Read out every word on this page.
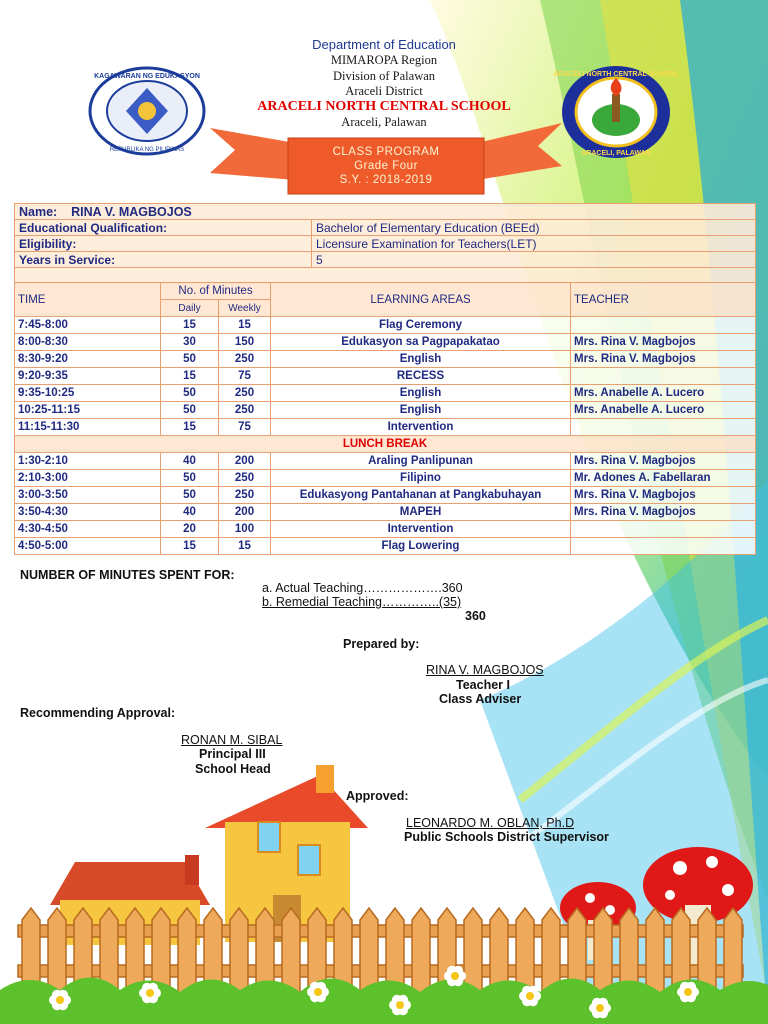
KAGAWARAN NG EDUKASYON
REPUBLIKA NG PILIPINAS
ARACELI NORTH CENTRAL SCHOOL
ARACELI, PALAWAN
Department of Education
MIMAROPA Region
Division of Palawan
Araceli District
ARACELI NORTH CENTRAL SCHOOL
Araceli, Palawan
CLASS PROGRAM
Grade Four
S.Y. : 2018-2019
Name: RINA V. MAGBOJOS	
Educational Qualification:	Bachelor of Elementary Education (BEEd)
Eligibility:	Licensure Examination for Teachers(LET)
Years in Service:	5

TIME	No. of Minutes		LEARNING AREAS	TEACHER
	Daily	Weekly		
7:45-8:00	15	15	Flag Ceremony	
8:00-8:30	30	150	Edukasyon sa Pagpapakatao	Mrs. Rina V. Magbojos
8:30-9:20	50	250	English	Mrs. Rina V. Magbojos
9:20-9:35	15	75	RECESS	
9:35-10:25	50	250	English	Mrs. Anabelle A. Lucero
10:25-11:15	50	250	English	Mrs. Anabelle A. Lucero
11:15-11:30	15	75	Intervention	
LUNCH BREAK				
1:30-2:10	40	200	Araling Panlipunan	Mrs. Rina V. Magbojos
2:10-3:00	50	250	Filipino	Mr. Adones A. Fabellaran
3:00-3:50	50	250	Edukasyong Pantahanan at Pangkabuhayan	Mrs. Rina V. Magbojos
3:50-4:30	40	200	MAPEH	Mrs. Rina V. Magbojos
4:30-4:50	20	100	Intervention	
4:50-5:00	15	15	Flag Lowering	
NUMBER OF MINUTES SPENT FOR:
a. Actual Teaching……………….360
b. Remedial Teaching…………..(35)
360
Prepared by:
RINA V. MAGBOJOS
Teacher I
Class Adviser
Recommending Approval:
RONAN M. SIBAL
Principal III
School Head
Approved:
LEONARDO M. OBLAN, Ph.D
Public Schools District Supervisor
